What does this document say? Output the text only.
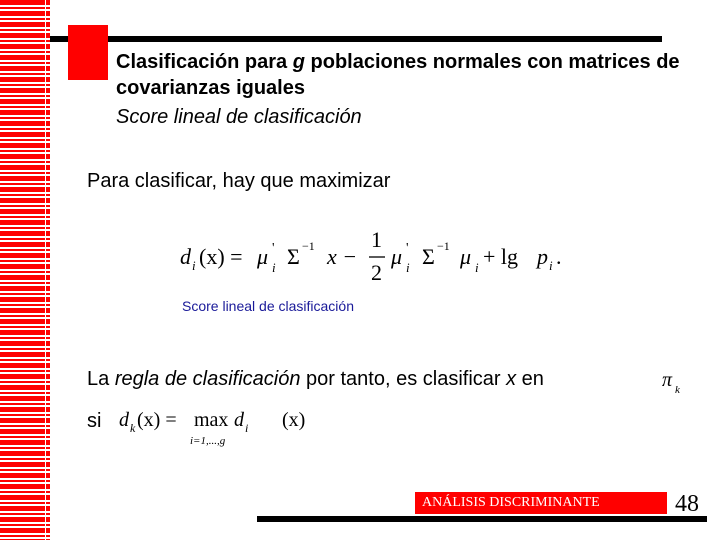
Clasificación para g poblaciones normales con matrices de covarianzas iguales
Score lineal de clasificación
Para clasificar, hay que maximizar
d i (x) = μ '
i Σ −1 x −
1
2
μ '
i Σ −1 μ i + lg p i .
Score lineal de clasificación
La regla de clasificación por tanto, es clasificar x en	π k
si d k (x) = max
i=1,...,g
d i (x)
ANÁLISIS DISCRIMINANTE	48
